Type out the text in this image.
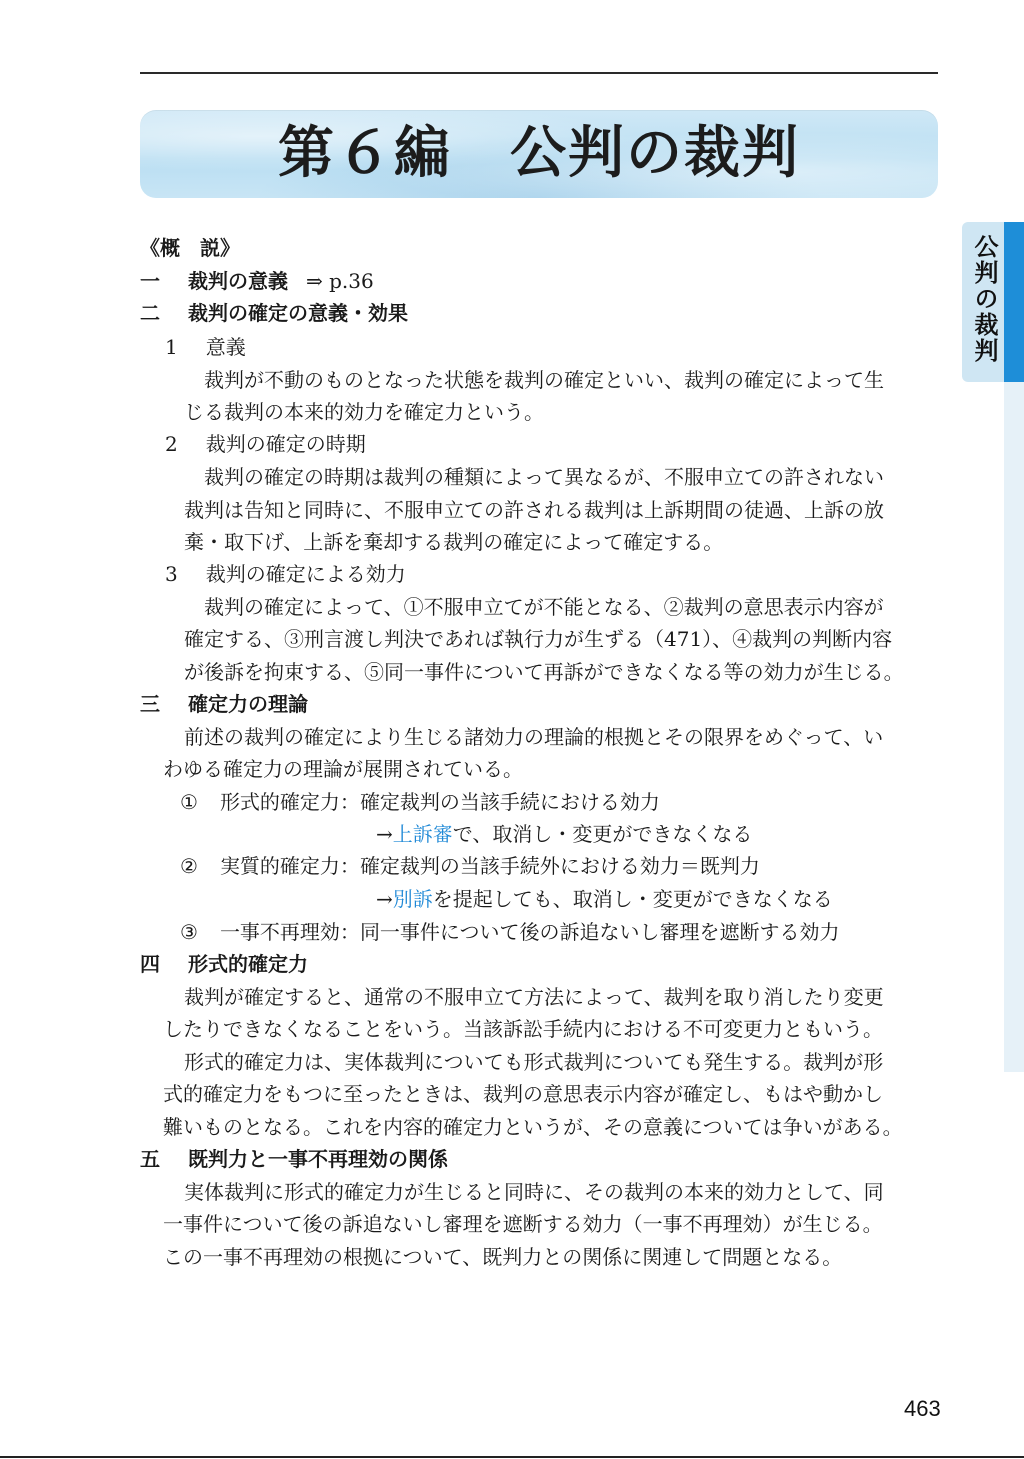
第６編　公判の裁判
公判の裁判
《概　説》
一 裁判の意義 ⇒ p.36
二 裁判の確定の意義・効果
1 意義
裁判が不動のものとなった状態を裁判の確定といい、裁判の確定によって生
じる裁判の本来的効力を確定力という。
2 裁判の確定の時期
裁判の確定の時期は裁判の種類によって異なるが、不服申立ての許されない
裁判は告知と同時に、不服申立ての許される裁判は上訴期間の徒過、上訴の放
棄・取下げ、上訴を棄却する裁判の確定によって確定する。
3 裁判の確定による効力
裁判の確定によって、①不服申立てが不能となる、②裁判の意思表示内容が
確定する、③刑言渡し判決であれば執行力が生ずる（471）、④裁判の判断内容
が後訴を拘束する、⑤同一事件について再訴ができなくなる等の効力が生じる。
三 確定力の理論
前述の裁判の確定により生じる諸効力の理論的根拠とその限界をめぐって、い
わゆる確定力の理論が展開されている。
① 形式的確定力：確定裁判の当該手続における効力
→上訴審で、取消し・変更ができなくなる
② 実質的確定力：確定裁判の当該手続外における効力＝既判力
→別訴を提起しても、取消し・変更ができなくなる
③ 一事不再理効：同一事件について後の訴追ないし審理を遮断する効力
四 形式的確定力
裁判が確定すると、通常の不服申立て方法によって、裁判を取り消したり変更
したりできなくなることをいう。当該訴訟手続内における不可変更力ともいう。
形式的確定力は、実体裁判についても形式裁判についても発生する。裁判が形
式的確定力をもつに至ったときは、裁判の意思表示内容が確定し、もはや動かし
難いものとなる。これを内容的確定力というが、その意義については争いがある。
五 既判力と一事不再理効の関係
実体裁判に形式的確定力が生じると同時に、その裁判の本来的効力として、同
一事件について後の訴追ないし審理を遮断する効力（一事不再理効）が生じる。
この一事不再理効の根拠について、既判力との関係に関連して問題となる。
463
